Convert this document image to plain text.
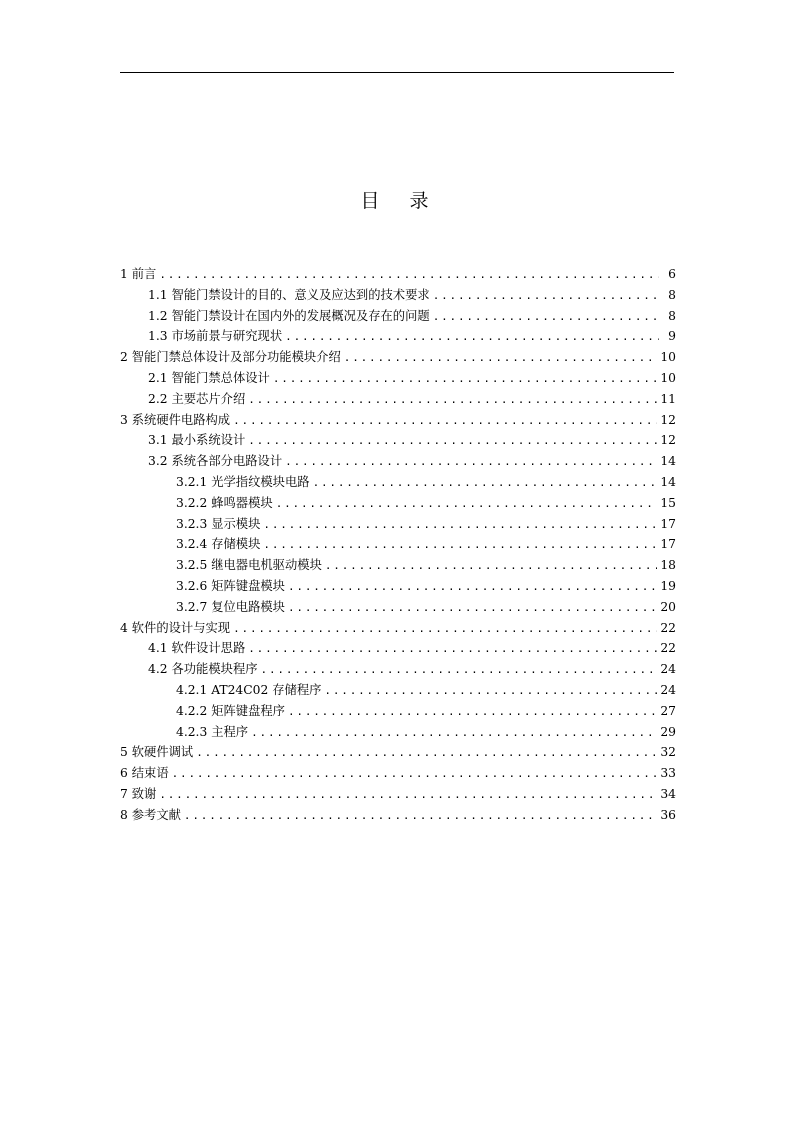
目 录
1 前言 .....	6
1.1 智能门禁设计的目的、意义及应达到的技术要求 .....	8
1.2 智能门禁设计在国内外的发展概况及存在的问题 .....	8
1.3 市场前景与研究现状 .....	9
2 智能门禁总体设计及部分功能模块介绍 .....	10
2.1 智能门禁总体设计 .....	10
2.2 主要芯片介绍 .....	11
3 系统硬件电路构成 .....	12
3.1 最小系统设计 .....	12
3.2 系统各部分电路设计 .....	14
3.2.1 光学指纹模块电路 .....	14
3.2.2 蜂鸣器模块 .....	15
3.2.3 显示模块 .....	17
3.2.4 存储模块 .....	17
3.2.5 继电器电机驱动模块 .....	18
3.2.6 矩阵键盘模块 .....	19
3.2.7 复位电路模块 .....	20
4 软件的设计与实现 .....	22
4.1 软件设计思路 .....	22
4.2 各功能模块程序 .....	24
4.2.1 AT24C02 存储程序 .....	24
4.2.2 矩阵键盘程序 .....	27
4.2.3 主程序 .....	29
5 软硬件调试 .....	32
6 结束语 .....	33
7 致谢 .....	34
8 参考文献 .....	36
